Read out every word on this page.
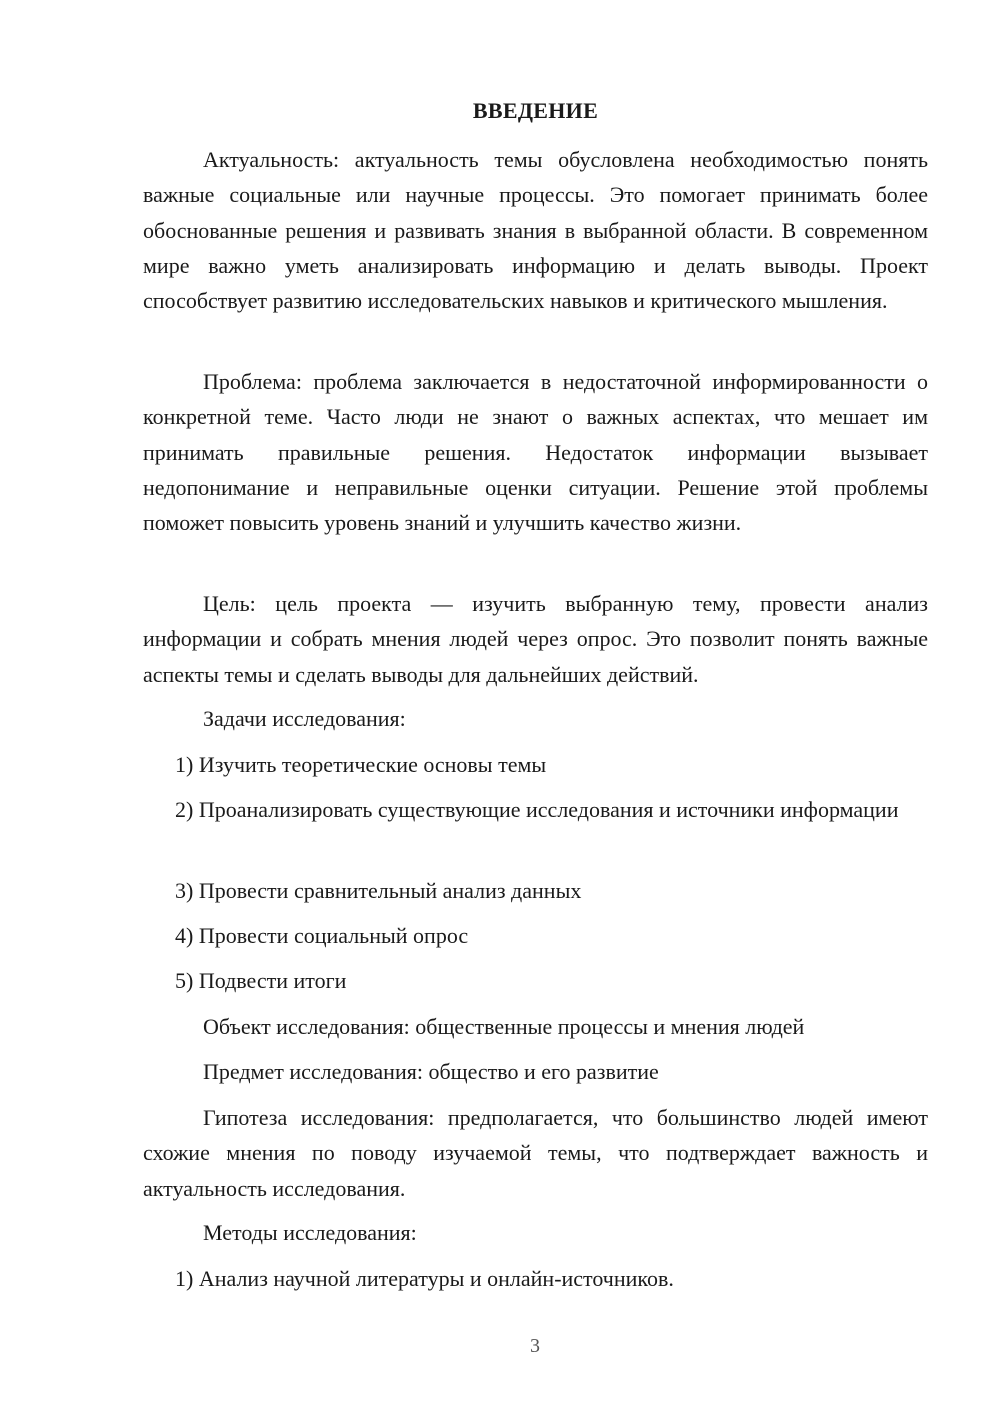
ВВЕДЕНИЕ

Актуальность: актуальность темы обусловлена необходимостью понять важные социальные или научные процессы. Это помогает принимать более обоснованные решения и развивать знания в выбранной области. В современном мире важно уметь анализировать информацию и делать выводы. Проект способствует развитию исследовательских навыков и критического мышления.

Проблема: проблема заключается в недостаточной информированности о конкретной теме. Часто люди не знают о важных аспектах, что мешает им принимать правильные решения. Недостаток информации вызывает недопонимание и неправильные оценки ситуации. Решение этой проблемы поможет повысить уровень знаний и улучшить качество жизни.

Цель: цель проекта — изучить выбранную тему, провести анализ информации и собрать мнения людей через опрос. Это позволит понять важные аспекты темы и сделать выводы для дальнейших действий.

Задачи исследования:

1) Изучить теоретические основы темы

2) Проанализировать существующие исследования и источники информации

3) Провести сравнительный анализ данных

4) Провести социальный опрос

5) Подвести итоги

Объект исследования: общественные процессы и мнения людей

Предмет исследования: общество и его развитие

Гипотеза исследования: предполагается, что большинство людей имеют схожие мнения по поводу изучаемой темы, что подтверждает важность и актуальность исследования.

Методы исследования:

1) Анализ научной литературы и онлайн-источников.

3
